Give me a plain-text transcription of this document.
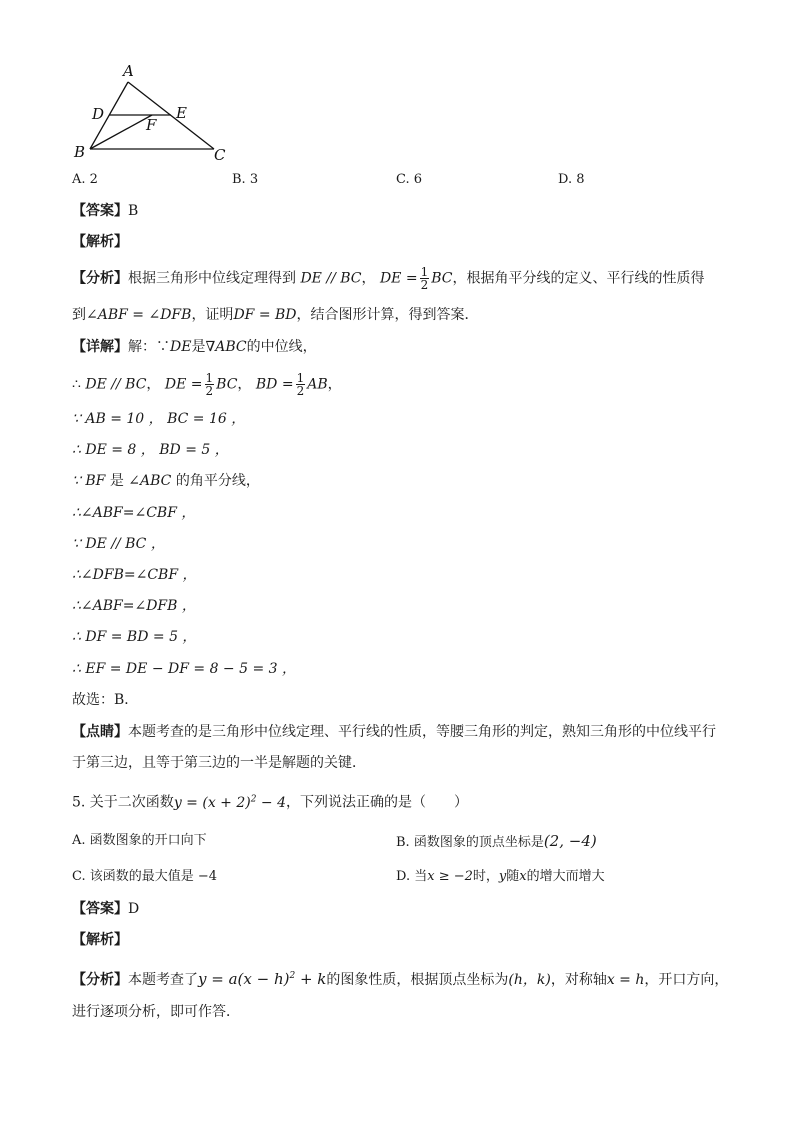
A
B	C
D	E
F
A. 2	B. 3	C. 6	D. 8
【答案】B
【解析】
【分析】根据三角形中位线定理得到 DE // BC， DE = $\frac{1}{2}$ BC，根据角平分线的定义、平行线的性质得
到∠ABF = ∠DFB，证明DF = BD，结合图形计算，得到答案．
【详解】解：∵DE是∇ABC的中位线，
∴ DE // BC， DE = $\frac{1}{2}$ BC， BD = $\frac{1}{2}$ AB，
∵ AB = 10 ， BC = 16 ，
∴ DE = 8 ， BD = 5 ，
∵ BF 是 ∠ABC 的角平分线，
∴∠ABF=∠CBF ，
∵ DE // BC ，
∴∠DFB=∠CBF ，
∴∠ABF=∠DFB ，
∴ DF = BD = 5 ，
∴ EF = DE − DF = 8 − 5 = 3 ，
故选：B．
【点睛】本题考查的是三角形中位线定理、平行线的性质，等腰三角形的判定，熟知三角形的中位线平行
于第三边，且等于第三边的一半是解题的关键．
5. 关于二次函数$y = (x + 2)^2 - 4$，下列说法正确的是（　　）
A. 函数图象的开口向下	B. 函数图象的顶点坐标是(2, −4)
C. 该函数的最大值是 −4	D. 当x ≥ −2时，y随x的增大而增大
【答案】D
【解析】
【分析】本题考查了$y = a(x - h)^2 + k$的图象性质，根据顶点坐标为(h，k)，对称轴x = h，开口方向，
进行逐项分析，即可作答．
